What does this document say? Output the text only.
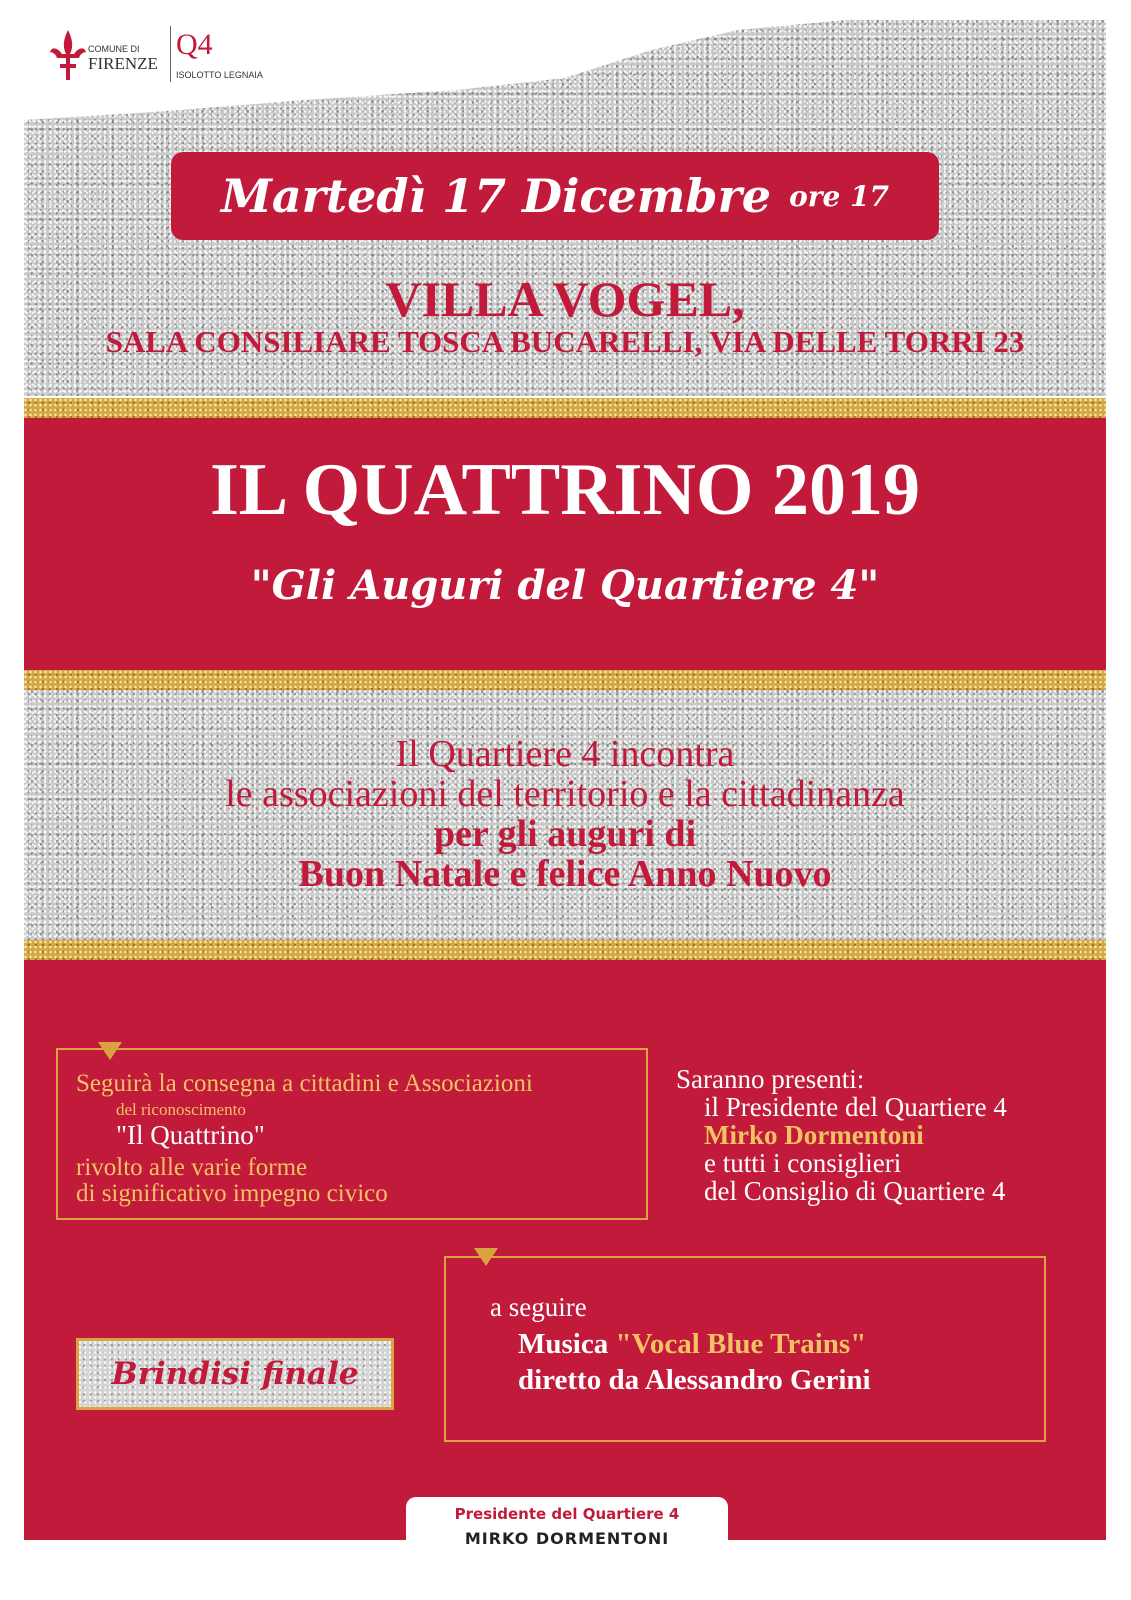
COMUNE DI
FIRENZE
Q4
ISOLOTTO LEGNAIA
Martedì 17 Dicembre ore 17
VILLA VOGEL,
SALA CONSILIARE TOSCA BUCARELLI, VIA DELLE TORRI 23
IL QUATTRINO 2019
"Gli Auguri del Quartiere 4"
Il Quartiere 4 incontra
le associazioni del territorio e la cittadinanza
per gli auguri di
Buon Natale e felice Anno Nuovo
Seguirà la consegna a cittadini e Associazioni
del riconoscimento
"Il Quattrino"
rivolto alle varie forme
di significativo impegno civico
Saranno presenti:
il Presidente del Quartiere 4
Mirko Dormentoni
e tutti i consiglieri
del Consiglio di Quartiere 4
Brindisi finale
a seguire
Musica "Vocal Blue Trains"
diretto da Alessandro Gerini
Presidente del Quartiere 4
MIRKO DORMENTONI
